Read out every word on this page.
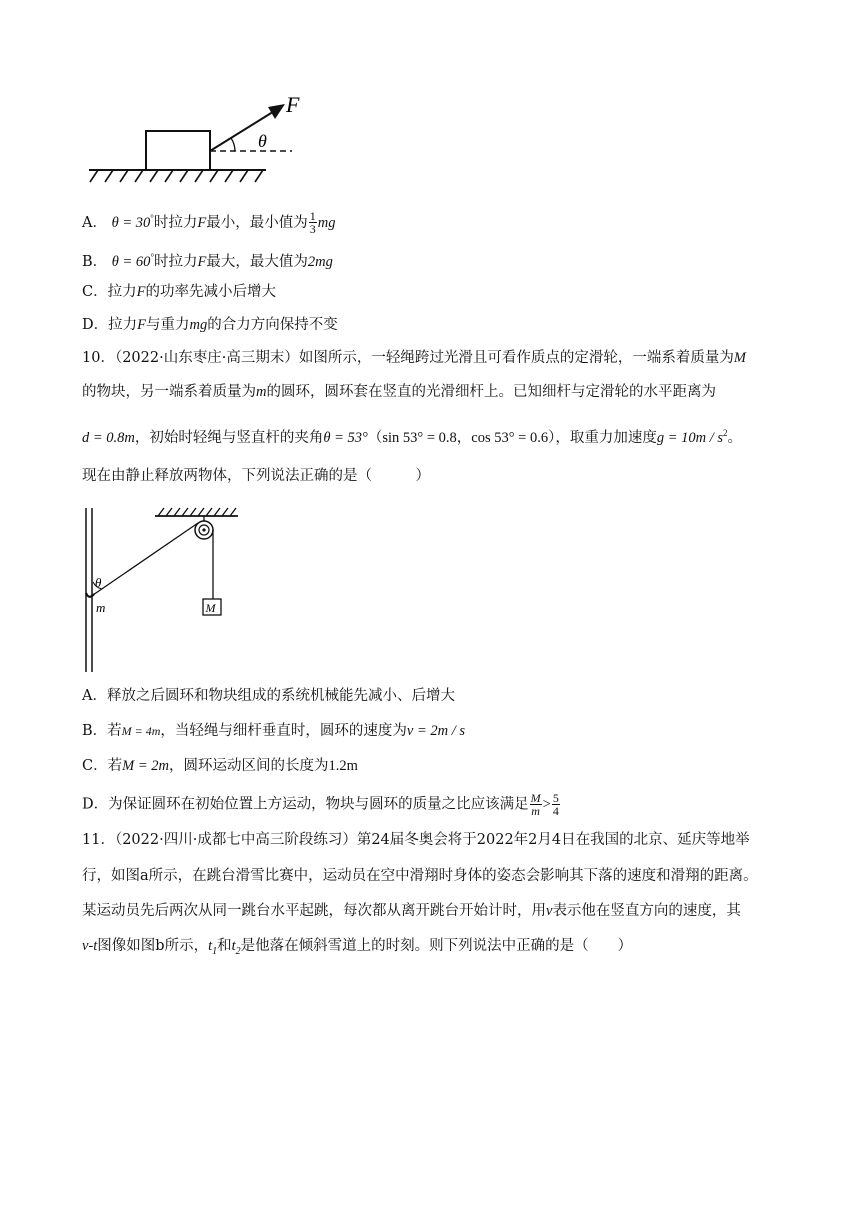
F
θ
A． θ = 30°时拉力F最小，最小值为 $\frac{1}{3}$ mg
B． θ = 60°时拉力F最大，最大值为2mg
C．拉力F的功率先减小后增大
D．拉力F与重力mg的合力方向保持不变
10．（2022·山东枣庄·高三期末）如图所示，一轻绳跨过光滑且可看作质点的定滑轮，一端系着质量为M
的物块，另一端系着质量为m的圆环，圆环套在竖直的光滑细杆上。已知细杆与定滑轮的水平距离为
d = 0.8m，初始时轻绳与竖直杆的夹角θ = 53°（sin 53° = 0.8，cos 53° = 0.6），取重力加速度$g = 10m / s^2$。
现在由静止释放两物体，下列说法正确的是（　　　）
θ
m	M
A．释放之后圆环和物块组成的系统机械能先减小、后增大
B．若M = 4m，当轻绳与细杆垂直时，圆环的速度为v = 2m / s
C．若M = 2m，圆环运动区间的长度为1.2m
D．为保证圆环在初始位置上方运动，物块与圆环的质量之比应该满足 $\frac{M}{m} > \frac{5}{4}$
11．（2022·四川·成都七中高三阶段练习）第24届冬奥会将于2022年2月4日在我国的北京、延庆等地举
行，如图a所示，在跳台滑雪比赛中，运动员在空中滑翔时身体的姿态会影响其下落的速度和滑翔的距离。
某运动员先后两次从同一跳台水平起跳，每次都从离开跳台开始计时，用v表示他在竖直方向的速度，其
v-t图像如图b所示，$t_1$和$t_2$是他落在倾斜雪道上的时刻。则下列说法中正确的是（　　）
